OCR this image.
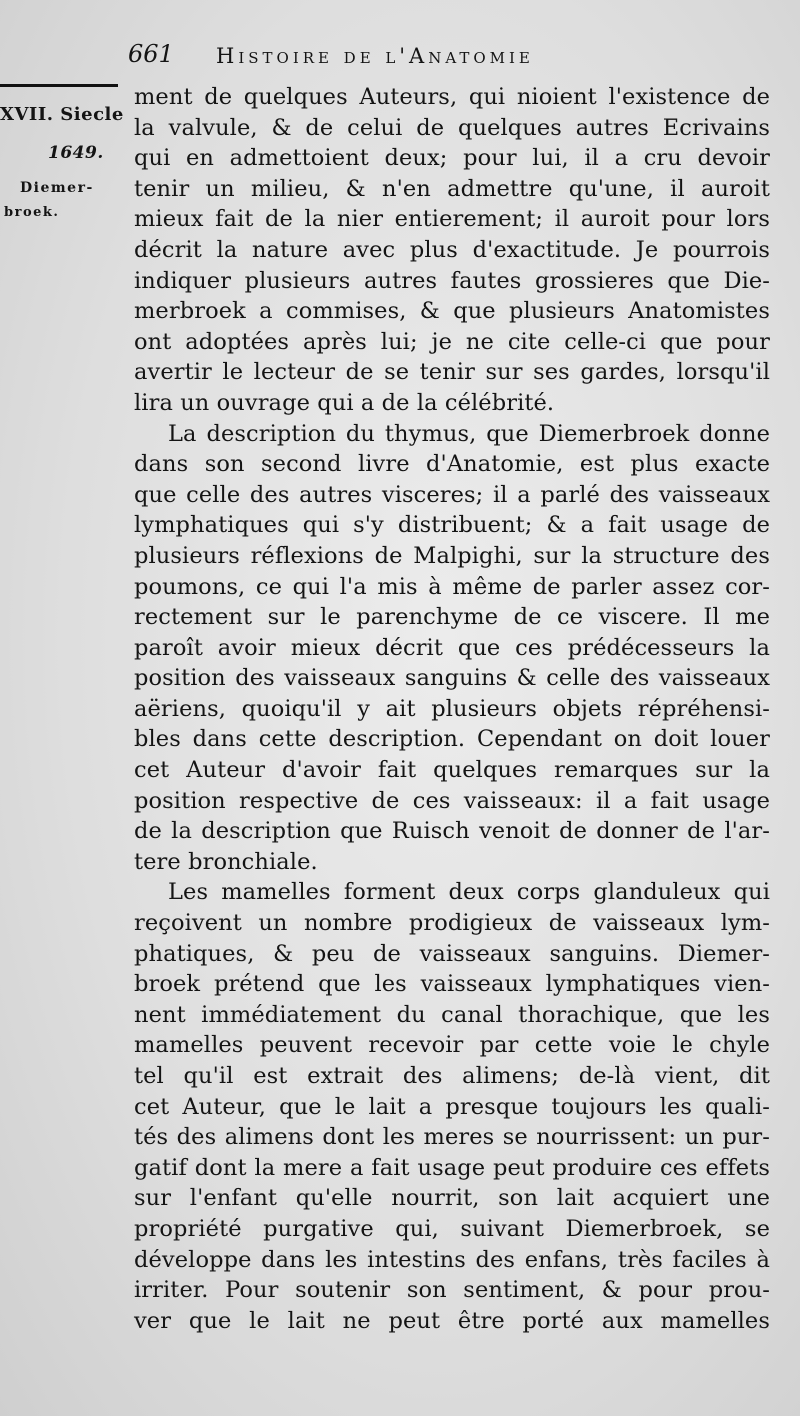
661 Histoire de l'Anatomie
XVII. Siecle
1649.
Diemer-
broek.
ment de quelques Auteurs, qui nioient l'existence de
la valvule, & de celui de quelques autres Ecrivains
qui en admettoient deux; pour lui, il a cru devoir
tenir un milieu, & n'en admettre qu'une, il auroit
mieux fait de la nier entierement; il auroit pour lors
décrit la nature avec plus d'exactitude. Je pourrois
indiquer plusieurs autres fautes grossieres que Die-
merbroek a commises, & que plusieurs Anatomistes
ont adoptées après lui; je ne cite celle-ci que pour
avertir le lecteur de se tenir sur ses gardes, lorsqu'il
lira un ouvrage qui a de la célébrité.
La description du thymus, que Diemerbroek donne
dans son second livre d'Anatomie, est plus exacte
que celle des autres visceres; il a parlé des vaisseaux
lymphatiques qui s'y distribuent; & a fait usage de
plusieurs réflexions de Malpighi, sur la structure des
poumons, ce qui l'a mis à même de parler assez cor-
rectement sur le parenchyme de ce viscere. Il me
paroît avoir mieux décrit que ces prédécesseurs la
position des vaisseaux sanguins & celle des vaisseaux
aëriens, quoiqu'il y ait plusieurs objets répréhensi-
bles dans cette description. Cependant on doit louer
cet Auteur d'avoir fait quelques remarques sur la
position respective de ces vaisseaux: il a fait usage
de la description que Ruisch venoit de donner de l'ar-
tere bronchiale.
Les mamelles forment deux corps glanduleux qui
reçoivent un nombre prodigieux de vaisseaux lym-
phatiques, & peu de vaisseaux sanguins. Diemer-
broek prétend que les vaisseaux lymphatiques vien-
nent immédiatement du canal thorachique, que les
mamelles peuvent recevoir par cette voie le chyle
tel qu'il est extrait des alimens; de-là vient, dit
cet Auteur, que le lait a presque toujours les quali-
tés des alimens dont les meres se nourrissent: un pur-
gatif dont la mere a fait usage peut produire ces effets
sur l'enfant qu'elle nourrit, son lait acquiert une
propriété purgative qui, suivant Diemerbroek, se
développe dans les intestins des enfans, très faciles à
irriter. Pour soutenir son sentiment, & pour prou-
ver que le lait ne peut être porté aux mamelles
